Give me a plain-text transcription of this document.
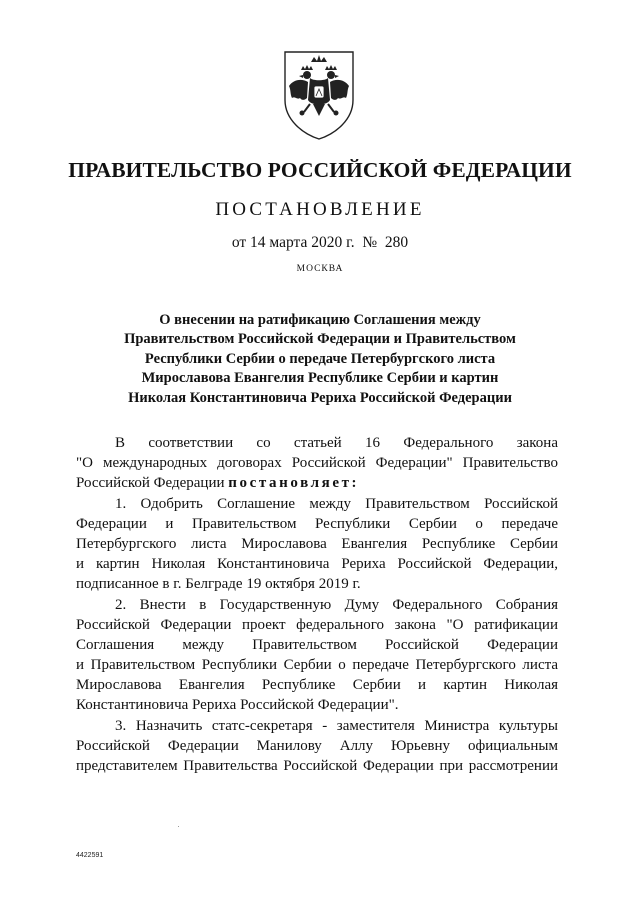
ПРАВИТЕЛЬСТВО РОССИЙСКОЙ ФЕДЕРАЦИИ
ПОСТАНОВЛЕНИЕ
от 14 марта 2020 г.  №  280
МОСКВА
О внесении на ратификацию Соглашения между
Правительством Российской Федерации и Правительством
Республики Сербии о передаче Петербургского листа
Мирославова Евангелия Республике Сербии и картин
Николая Константиновича Рериха Российской Федерации
В соответствии со статьей 16 Федерального закона
"О международных договорах Российской Федерации" Правительство
Российской Федерации постановляет:
1. Одобрить Соглашение между Правительством Российской
Федерации и Правительством Республики Сербии о передаче
Петербургского листа Мирославова Евангелия Республике Сербии
и картин Николая Константиновича Рериха Российской Федерации,
подписанное в г. Белграде 19 октября 2019 г.
2. Внести в Государственную Думу Федерального Собрания
Российской Федерации проект федерального закона "О ратификации
Соглашения между Правительством Российской Федерации
и Правительством Республики Сербии о передаче Петербургского листа
Мирославова Евангелия Республике Сербии и картин Николая
Константиновича Рериха Российской Федерации".
3. Назначить статс-секретаря - заместителя Министра культуры
Российской Федерации Манилову Аллу Юрьевну официальным
представителем Правительства Российской Федерации при рассмотрении
4422591
